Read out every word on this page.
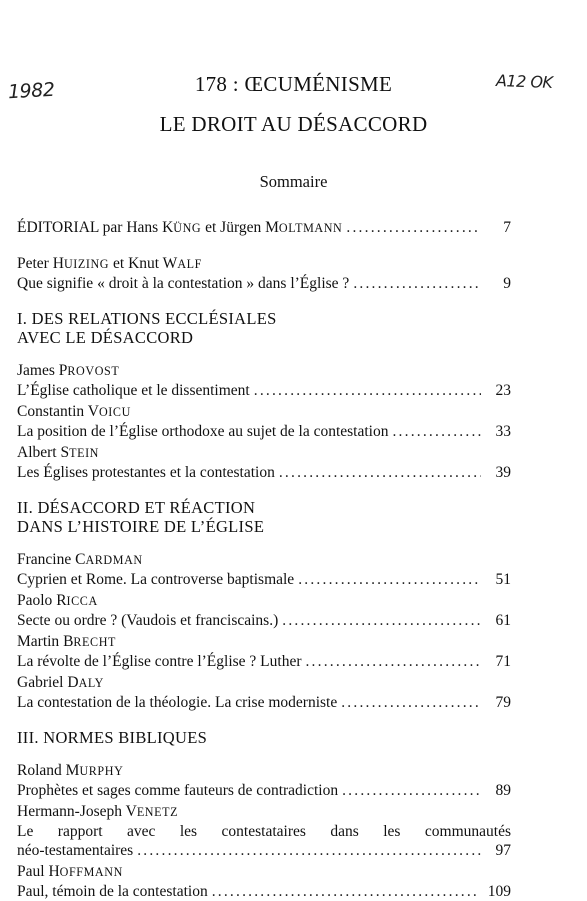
1982	A12 OK
178 : ŒCUMÉNISME
LE DROIT AU DÉSACCORD
Sommaire
ÉDITORIAL par Hans KÜNG et Jürgen MOLTMANN .....	7
Peter HUIZING et Knut WALF
Que signifie « droit à la contestation » dans l’Église ? .....	9
I. DES RELATIONS ECCLÉSIALES
AVEC LE DÉSACCORD
James PROVOST
L’Église catholique et le dissentiment .....	23
Constantin VOICU
La position de l’Église orthodoxe au sujet de la contestation .....	33
Albert STEIN
Les Églises protestantes et la contestation .....	39
II. DÉSACCORD ET RÉACTION
DANS L’HISTOIRE DE L’ÉGLISE
Francine CARDMAN
Cyprien et Rome. La controverse baptismale .....	51
Paolo RICCA
Secte ou ordre ? (Vaudois et franciscains.) .....	61
Martin BRECHT
La révolte de l’Église contre l’Église ? Luther .....	71
Gabriel DALY
La contestation de la théologie. La crise moderniste .....	79
III. NORMES BIBLIQUES
Roland MURPHY
Prophètes et sages comme fauteurs de contradiction .....	89
Hermann-Joseph VENETZ
Le rapport avec les contestataires dans les communautés
néo-testamentaires .....	97
Paul HOFFMANN
Paul, témoin de la contestation .....	109
